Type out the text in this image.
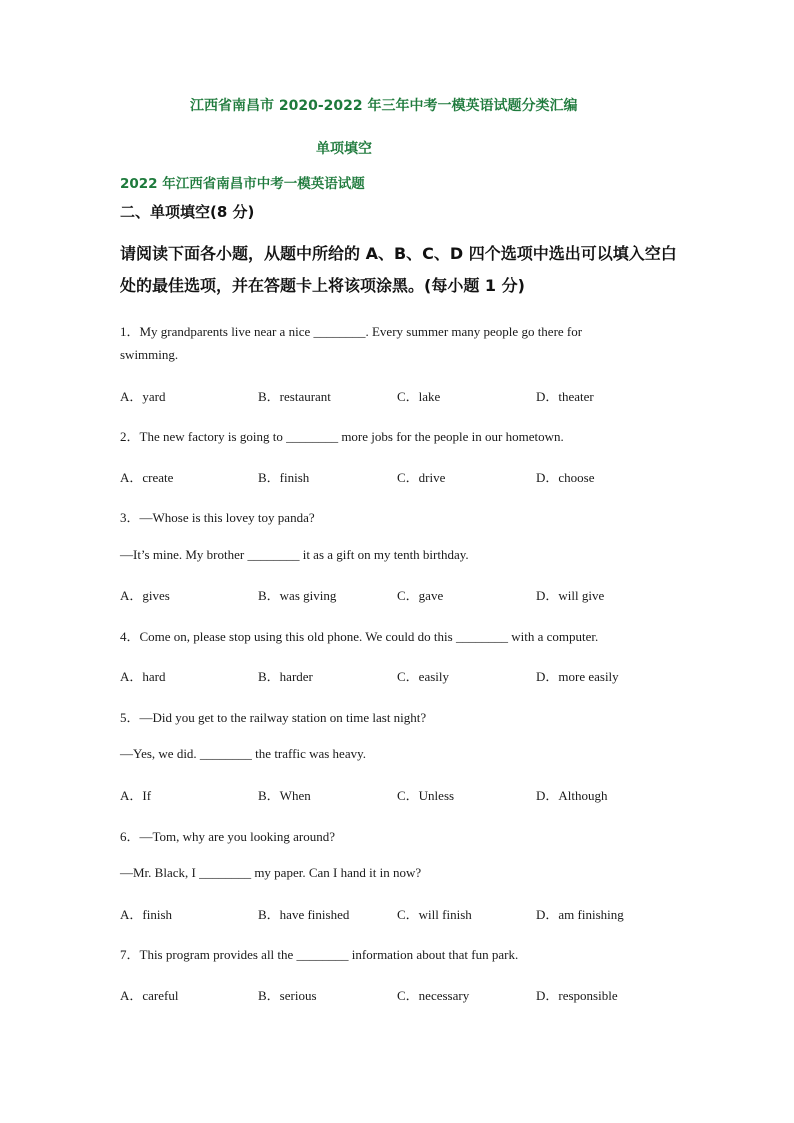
江西省南昌市 2020-2022 年三年中考一模英语试题分类汇编
单项填空
2022 年江西省南昌市中考一模英语试题
二、单项填空(8 分)
请阅读下面各小题，从题中所给的 A、B、C、D 四个选项中选出可以填入空白处的最佳选项，并在答题卡上将该项涂黑。(每小题 1 分)
1．My grandparents live near a nice ________. Every summer many people go there for
swimming.
A．yard	B．restaurant	C．lake	D．theater
2．The new factory is going to ________ more jobs for the people in our hometown.
A．create	B．finish	C．drive	D．choose
3．—Whose is this lovey toy panda?
—It’s mine. My brother ________ it as a gift on my tenth birthday.
A．gives	B．was giving	C．gave	D．will give
4．Come on, please stop using this old phone. We could do this ________ with a computer.
A．hard	B．harder	C．easily	D．more easily
5．—Did you get to the railway station on time last night?
—Yes, we did. ________ the traffic was heavy.
A．If	B．When	C．Unless	D．Although
6．—Tom, why are you looking around?
—Mr. Black, I ________ my paper. Can I hand it in now?
A．finish	B．have finished	C．will finish	D．am finishing
7．This program provides all the ________ information about that fun park.
A．careful	B．serious	C．necessary	D．responsible
